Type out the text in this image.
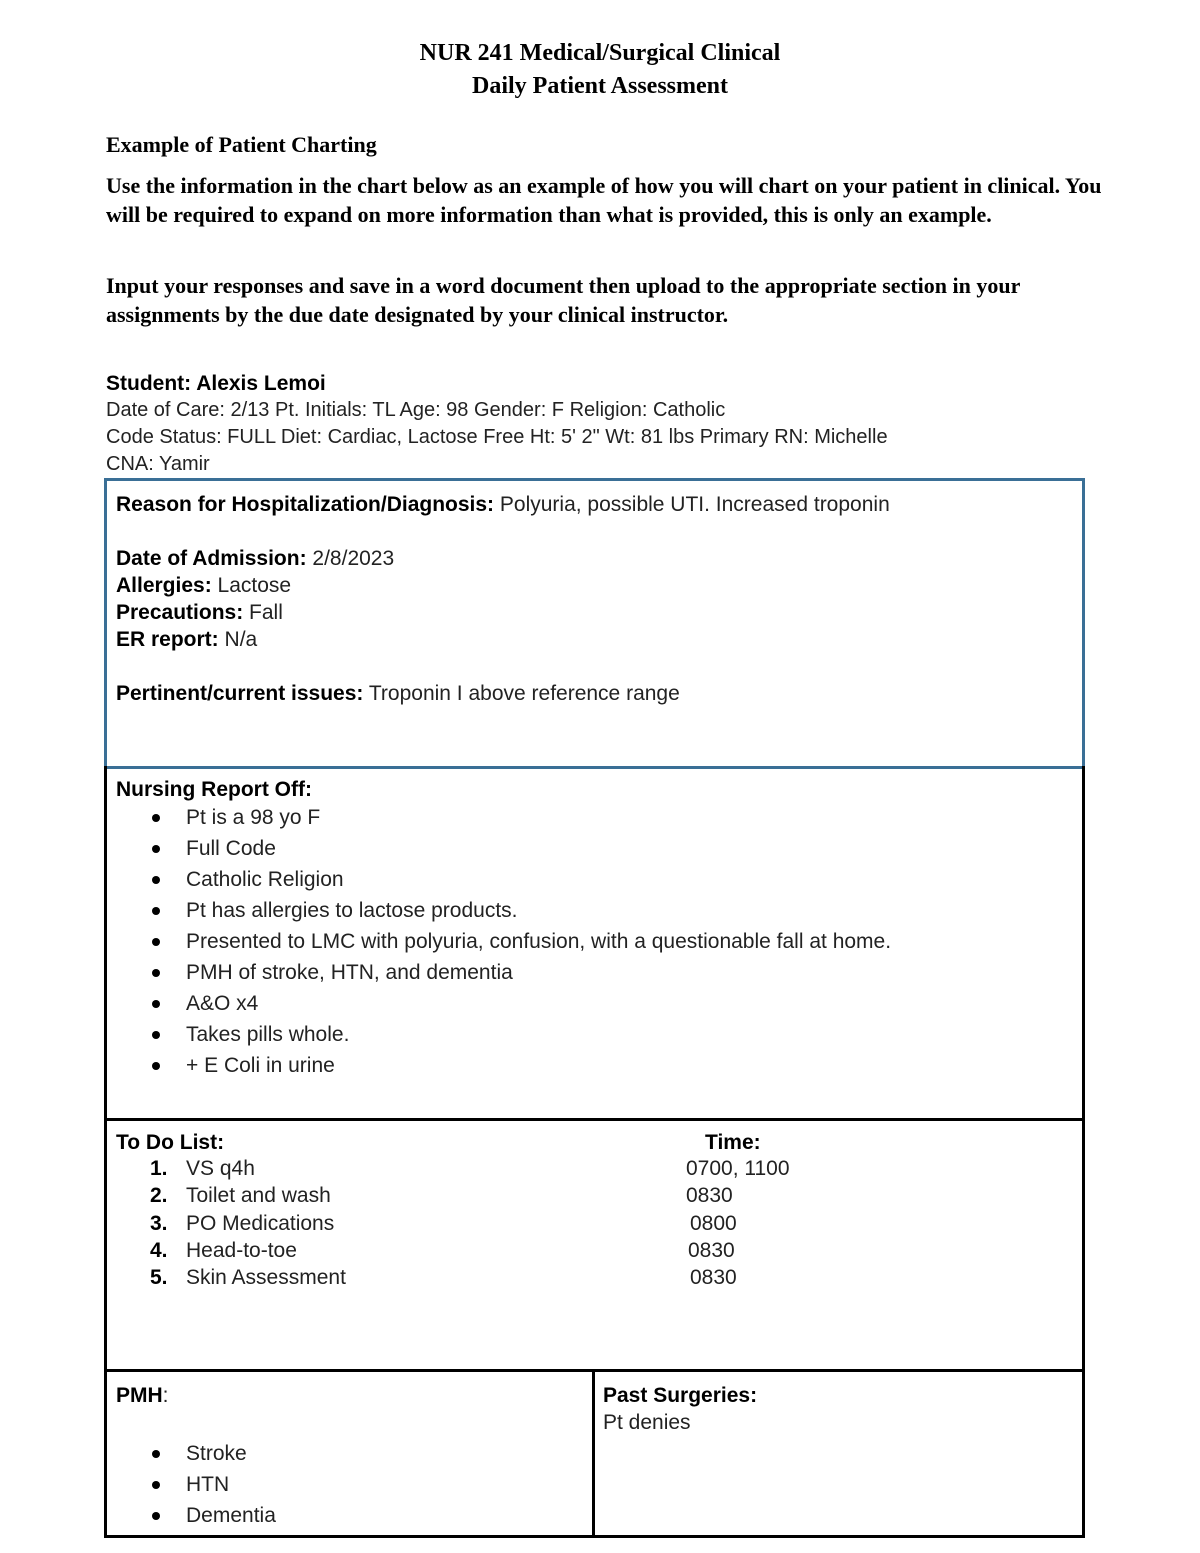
NUR 241 Medical/Surgical Clinical
Daily Patient Assessment
Example of Patient Charting
Use the information in the chart below as an example of how you will chart on your patient in clinical. You will be required to expand on more information than what is provided, this is only an example.
Input your responses and save in a word document then upload to the appropriate section in your assignments by the due date designated by your clinical instructor.
Student: Alexis Lemoi
Date of Care: 2/13 Pt. Initials: TL Age: 98 Gender: F Religion: Catholic
Code Status: FULL Diet: Cardiac, Lactose Free Ht: 5' 2" Wt: 81 lbs Primary RN: Michelle
CNA: Yamir
Reason for Hospitalization/Diagnosis: Polyuria, possible UTI. Increased troponin
Date of Admission: 2/8/2023
Allergies: Lactose
Precautions: Fall
ER report: N/a
Pertinent/current issues: Troponin I above reference range
Nursing Report Off:
Pt is a 98 yo F
Full Code
Catholic Religion
Pt has allergies to lactose products.
Presented to LMC with polyuria, confusion, with a questionable fall at home.
PMH of stroke, HTN, and dementia
A&O x4
Takes pills whole.
+ E Coli in urine
To Do List:	Time:
1. VS q4h
2. Toilet and wash
3. PO Medications
4. Head-to-toe
5. Skin Assessment
0700, 1100
0830
0800
0830
0830
PMH:
Stroke
HTN
Dementia
Past Surgeries:
Pt denies
